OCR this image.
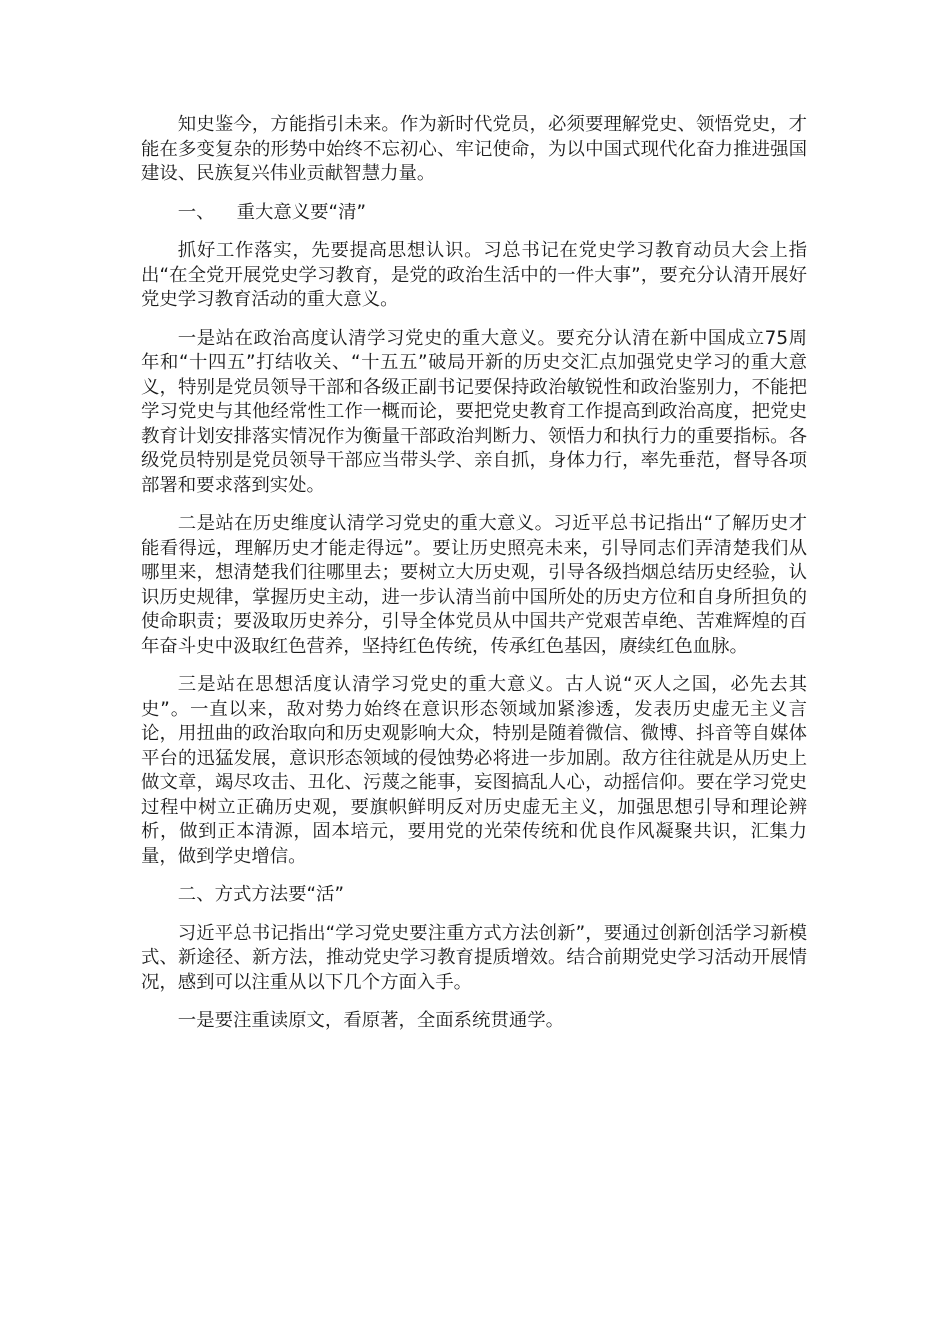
知史鉴今，方能指引未来。作为新时代党员，必须要理解党史、领悟党史，才能在多变复杂的形势中始终不忘初心、牢记使命，为以中国式现代化奋力推进强国建设、民族复兴伟业贡献智慧力量。

一、 重大意义要“清”

抓好工作落实，先要提高思想认识。习总书记在党史学习教育动员大会上指出“在全党开展党史学习教育，是党的政治生活中的一件大事”，要充分认清开展好党史学习教育活动的重大意义。

一是站在政治高度认清学习党史的重大意义。要充分认清在新中国成立75周年和“十四五”打结收关、“十五五”破局开新的历史交汇点加强党史学习的重大意义，特别是党员领导干部和各级正副书记要保持政治敏锐性和政治鉴别力，不能把学习党史与其他经常性工作一概而论，要把党史教育工作提高到政治高度，把党史教育计划安排落实情况作为衡量干部政治判断力、领悟力和执行力的重要指标。各级党员特别是党员领导干部应当带头学、亲自抓，身体力行，率先垂范，督导各项部署和要求落到实处。

二是站在历史维度认清学习党史的重大意义。习近平总书记指出“了解历史才能看得远，理解历史才能走得远”。要让历史照亮未来，引导同志们弄清楚我们从哪里来，想清楚我们往哪里去；要树立大历史观，引导各级挡烟总结历史经验，认识历史规律，掌握历史主动，进一步认清当前中国所处的历史方位和自身所担负的使命职责；要汲取历史养分，引导全体党员从中国共产党艰苦卓绝、苦难辉煌的百年奋斗史中汲取红色营养，坚持红色传统，传承红色基因，赓续红色血脉。

三是站在思想活度认清学习党史的重大意义。古人说“灭人之国，必先去其史”。一直以来，敌对势力始终在意识形态领域加紧渗透，发表历史虚无主义言论，用扭曲的政治取向和历史观影响大众，特别是随着微信、微博、抖音等自媒体平台的迅猛发展，意识形态领域的侵蚀势必将进一步加剧。敌方往往就是从历史上做文章，竭尽攻击、丑化、污蔑之能事，妄图搞乱人心，动摇信仰。要在学习党史过程中树立正确历史观，要旗帜鲜明反对历史虚无主义，加强思想引导和理论辨析，做到正本清源，固本培元，要用党的光荣传统和优良作风凝聚共识，汇集力量，做到学史增信。

二、方式方法要“活”

习近平总书记指出“学习党史要注重方式方法创新”，要通过创新创活学习新模式、新途径、新方法，推动党史学习教育提质增效。结合前期党史学习活动开展情况，感到可以注重从以下几个方面入手。

一是要注重读原文，看原著，全面系统贯通学。
